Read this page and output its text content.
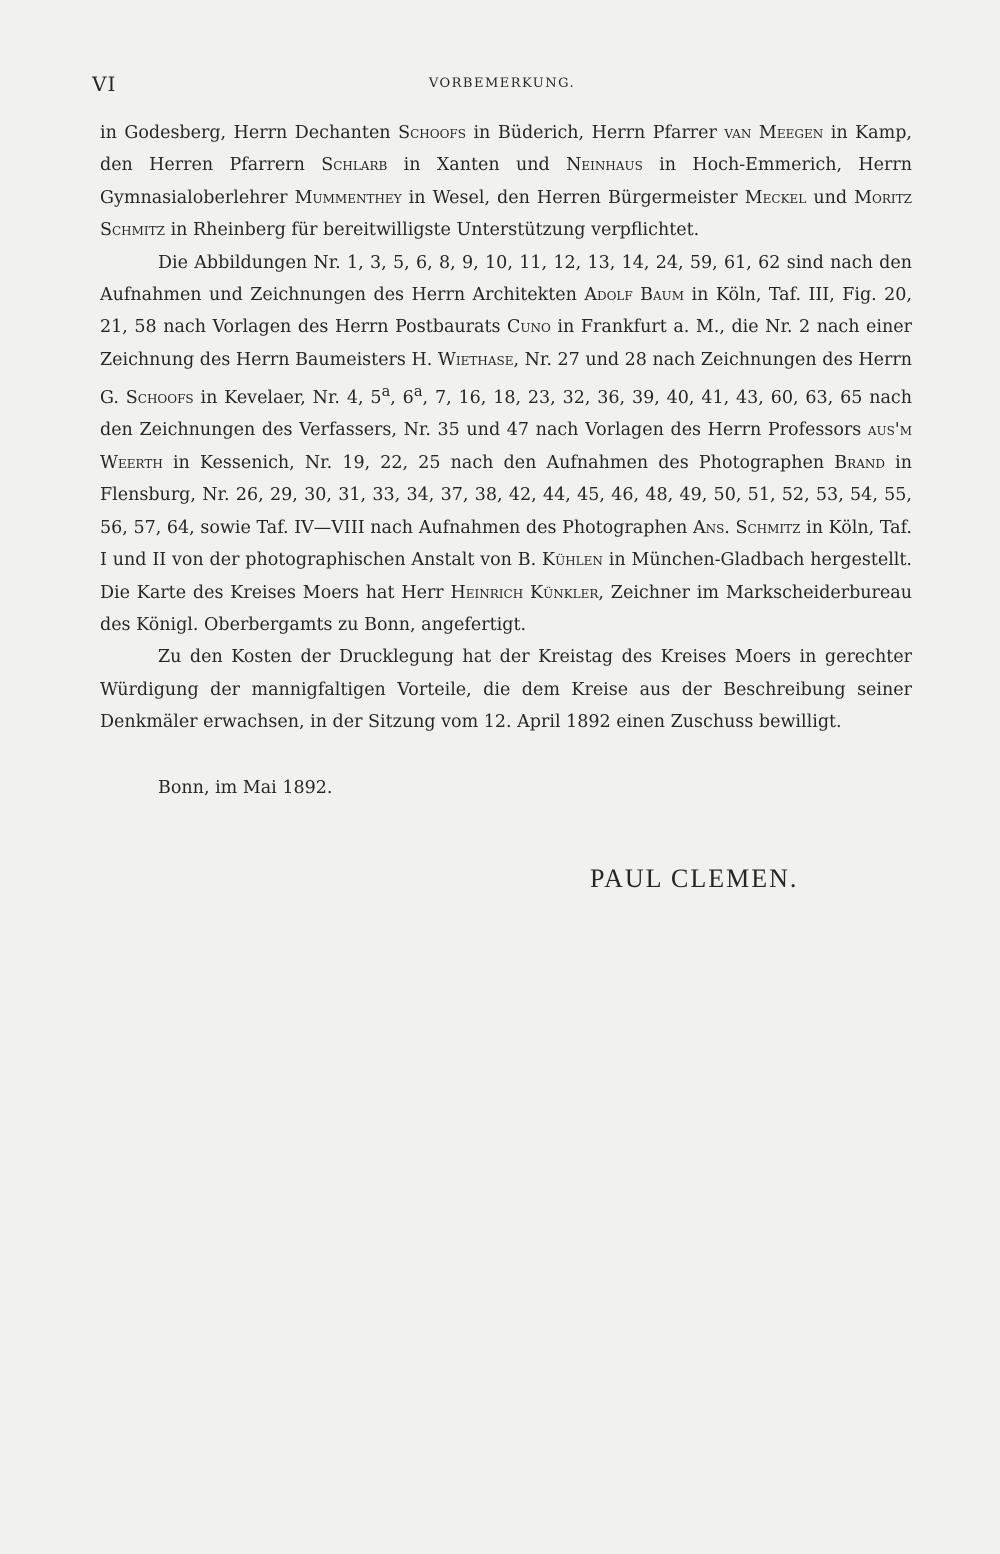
VI	VORBEMERKUNG.

in Godesberg, Herrn Dechanten Schoofs in Büderich, Herrn Pfarrer van Meegen in Kamp, den Herren Pfarrern Schlarb in Xanten und Neinhaus in Hoch-Emmerich, Herrn Gymnasialoberlehrer Mummenthey in Wesel, den Herren Bürgermeister Meckel und Moritz Schmitz in Rheinberg für bereitwilligste Unterstützung verpflichtet.

Die Abbildungen Nr. 1, 3, 5, 6, 8, 9, 10, 11, 12, 13, 14, 24, 59, 61, 62 sind nach den Aufnahmen und Zeichnungen des Herrn Architekten Adolf Baum in Köln, Taf. III, Fig. 20, 21, 58 nach Vorlagen des Herrn Postbaurats Cuno in Frankfurt a. M., die Nr. 2 nach einer Zeichnung des Herrn Baumeisters H. Wiethase, Nr. 27 und 28 nach Zeichnungen des Herrn G. Schoofs in Kevelaer, Nr. 4, 5$^a$, 6$^a$, 7, 16, 18, 23, 32, 36, 39, 40, 41, 43, 60, 63, 65 nach den Zeichnungen des Verfassers, Nr. 35 und 47 nach Vorlagen des Herrn Professors aus'm Weerth in Kessenich, Nr. 19, 22, 25 nach den Aufnahmen des Photographen Brand in Flensburg, Nr. 26, 29, 30, 31, 33, 34, 37, 38, 42, 44, 45, 46, 48, 49, 50, 51, 52, 53, 54, 55, 56, 57, 64, sowie Taf. IV—VIII nach Aufnahmen des Photographen Ans. Schmitz in Köln, Taf. I und II von der photographischen Anstalt von B. Kühlen in München-Gladbach hergestellt. Die Karte des Kreises Moers hat Herr Heinrich Künkler, Zeichner im Markscheiderbureau des Königl. Oberbergamts zu Bonn, angefertigt.

Zu den Kosten der Drucklegung hat der Kreistag des Kreises Moers in gerechter Würdigung der mannigfaltigen Vorteile, die dem Kreise aus der Beschreibung seiner Denkmäler erwachsen, in der Sitzung vom 12. April 1892 einen Zuschuss bewilligt.

Bonn, im Mai 1892.
PAUL CLEMEN.
